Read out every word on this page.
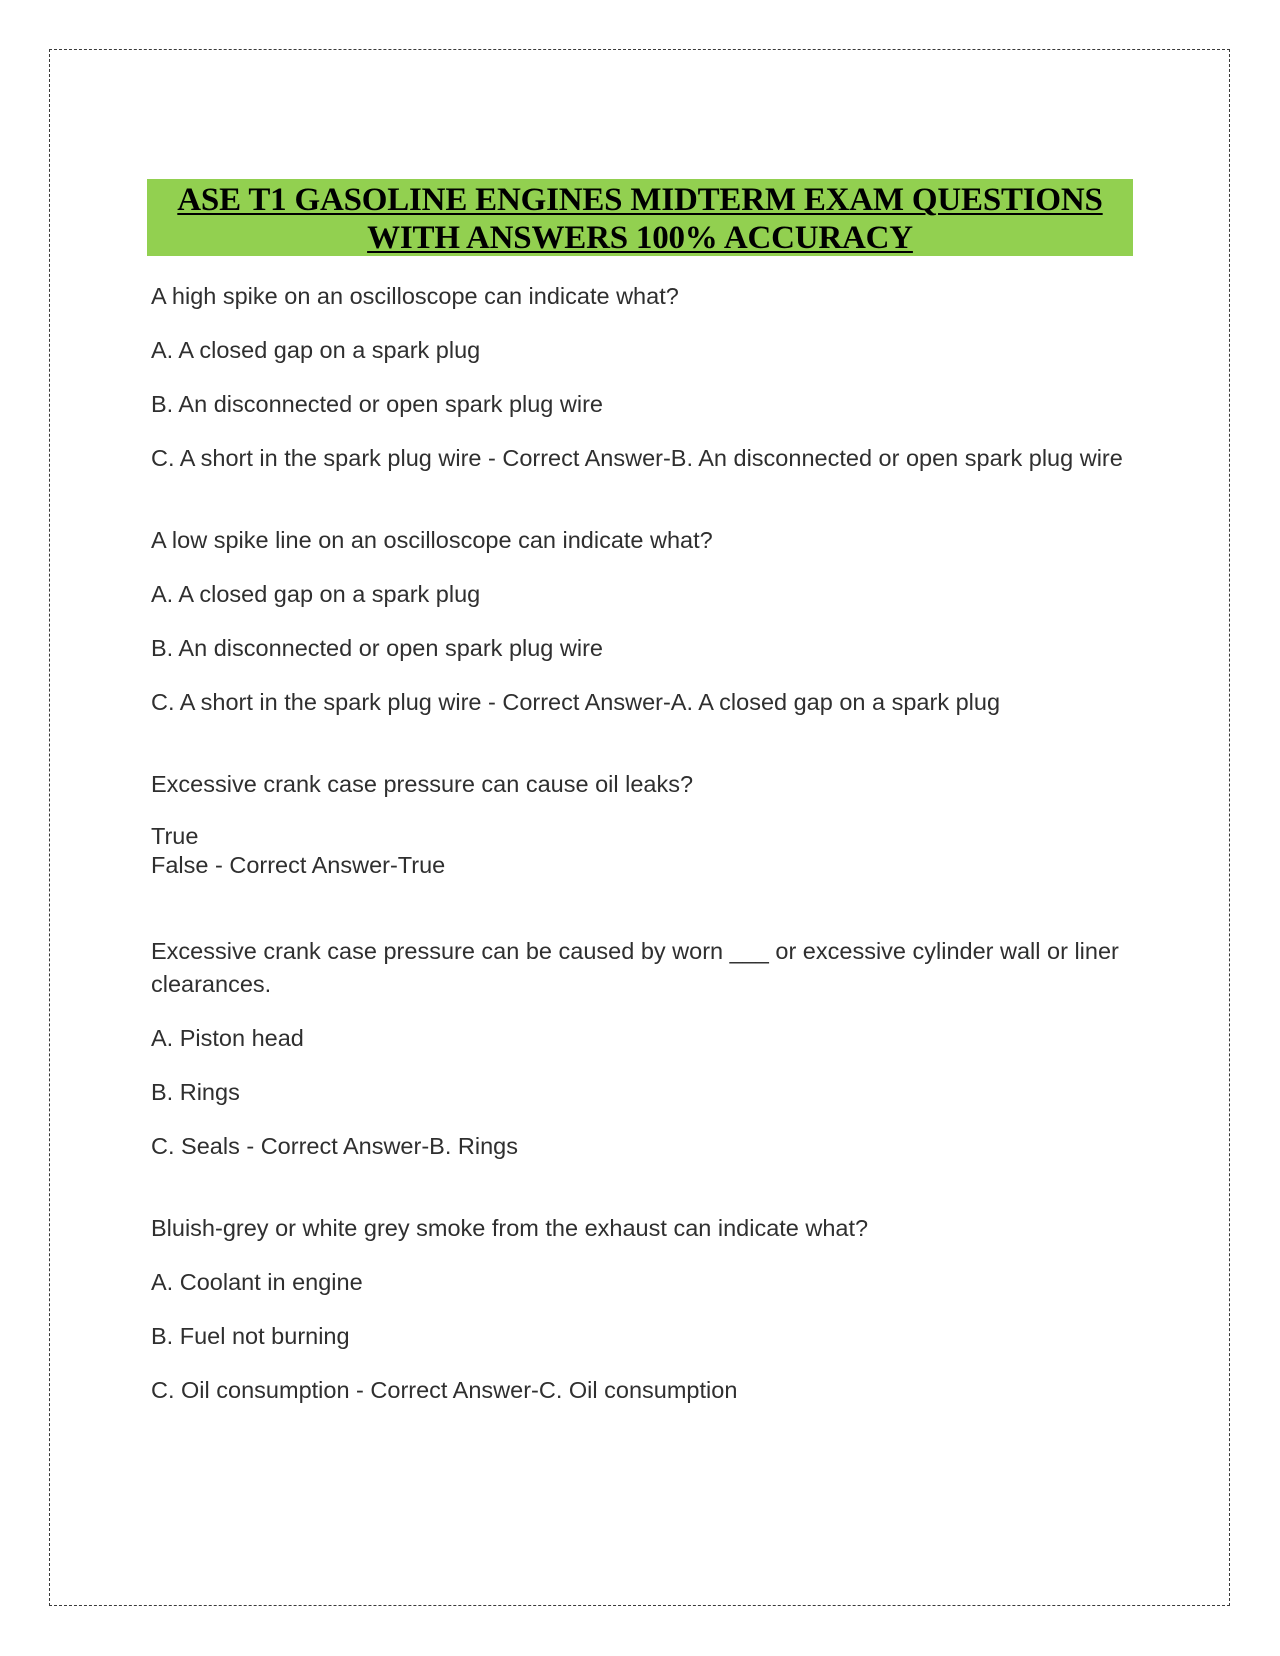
ASE T1 GASOLINE ENGINES MIDTERM EXAM QUESTIONS
WITH ANSWERS 100% ACCURACY

A high spike on an oscilloscope can indicate what?

A. A closed gap on a spark plug

B. An disconnected or open spark plug wire

C. A short in the spark plug wire - Correct Answer-B. An disconnected or open spark plug wire

A low spike line on an oscilloscope can indicate what?

A. A closed gap on a spark plug

B. An disconnected or open spark plug wire

C. A short in the spark plug wire - Correct Answer-A. A closed gap on a spark plug

Excessive crank case pressure can cause oil leaks?

True

False - Correct Answer-True

Excessive crank case pressure can be caused by worn ___ or excessive cylinder wall or liner clearances.

A. Piston head

B. Rings

C. Seals - Correct Answer-B. Rings

Bluish-grey or white grey smoke from the exhaust can indicate what?

A. Coolant in engine

B. Fuel not burning

C. Oil consumption - Correct Answer-C. Oil consumption
